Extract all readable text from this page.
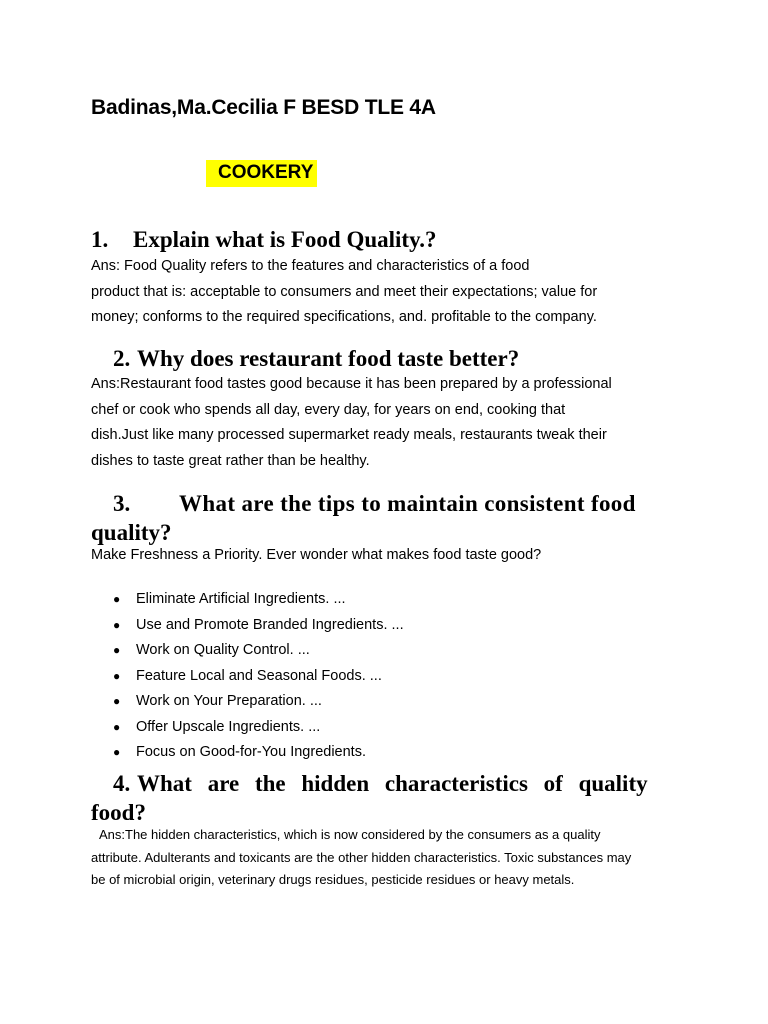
Badinas,Ma.Cecilia F BESD TLE 4A
COOKERY
1. Explain what is Food Quality.?
Ans: Food Quality refers to the features and characteristics of a food
product that is: acceptable to consumers and meet their expectations; value for
money; conforms to the required specifications, and. profitable to the company.
2. Why does restaurant food taste better?
Ans:Restaurant food tastes good because it has been prepared by a professional
chef or cook who spends all day, every day, for years on end, cooking that
dish.Just like many processed supermarket ready meals, restaurants tweak their
dishes to taste great rather than be healthy.
3. What are the tips to maintain consistent food
quality?

Make Freshness a Priority. Ever wonder what makes food taste good?

● Eliminate Artificial Ingredients. ...
● Use and Promote Branded Ingredients. ...
● Work on Quality Control. ...
● Feature Local and Seasonal Foods. ...
● Work on Your Preparation. ...
● Offer Upscale Ingredients. ...
● Focus on Good-for-You Ingredients.
4. What are the hidden characteristics of quality
food?
Ans:The hidden characteristics, which is now considered by the consumers as a quality
attribute. Adulterants and toxicants are the other hidden characteristics. Toxic substances may
be of microbial origin, veterinary drugs residues, pesticide residues or heavy metals.
